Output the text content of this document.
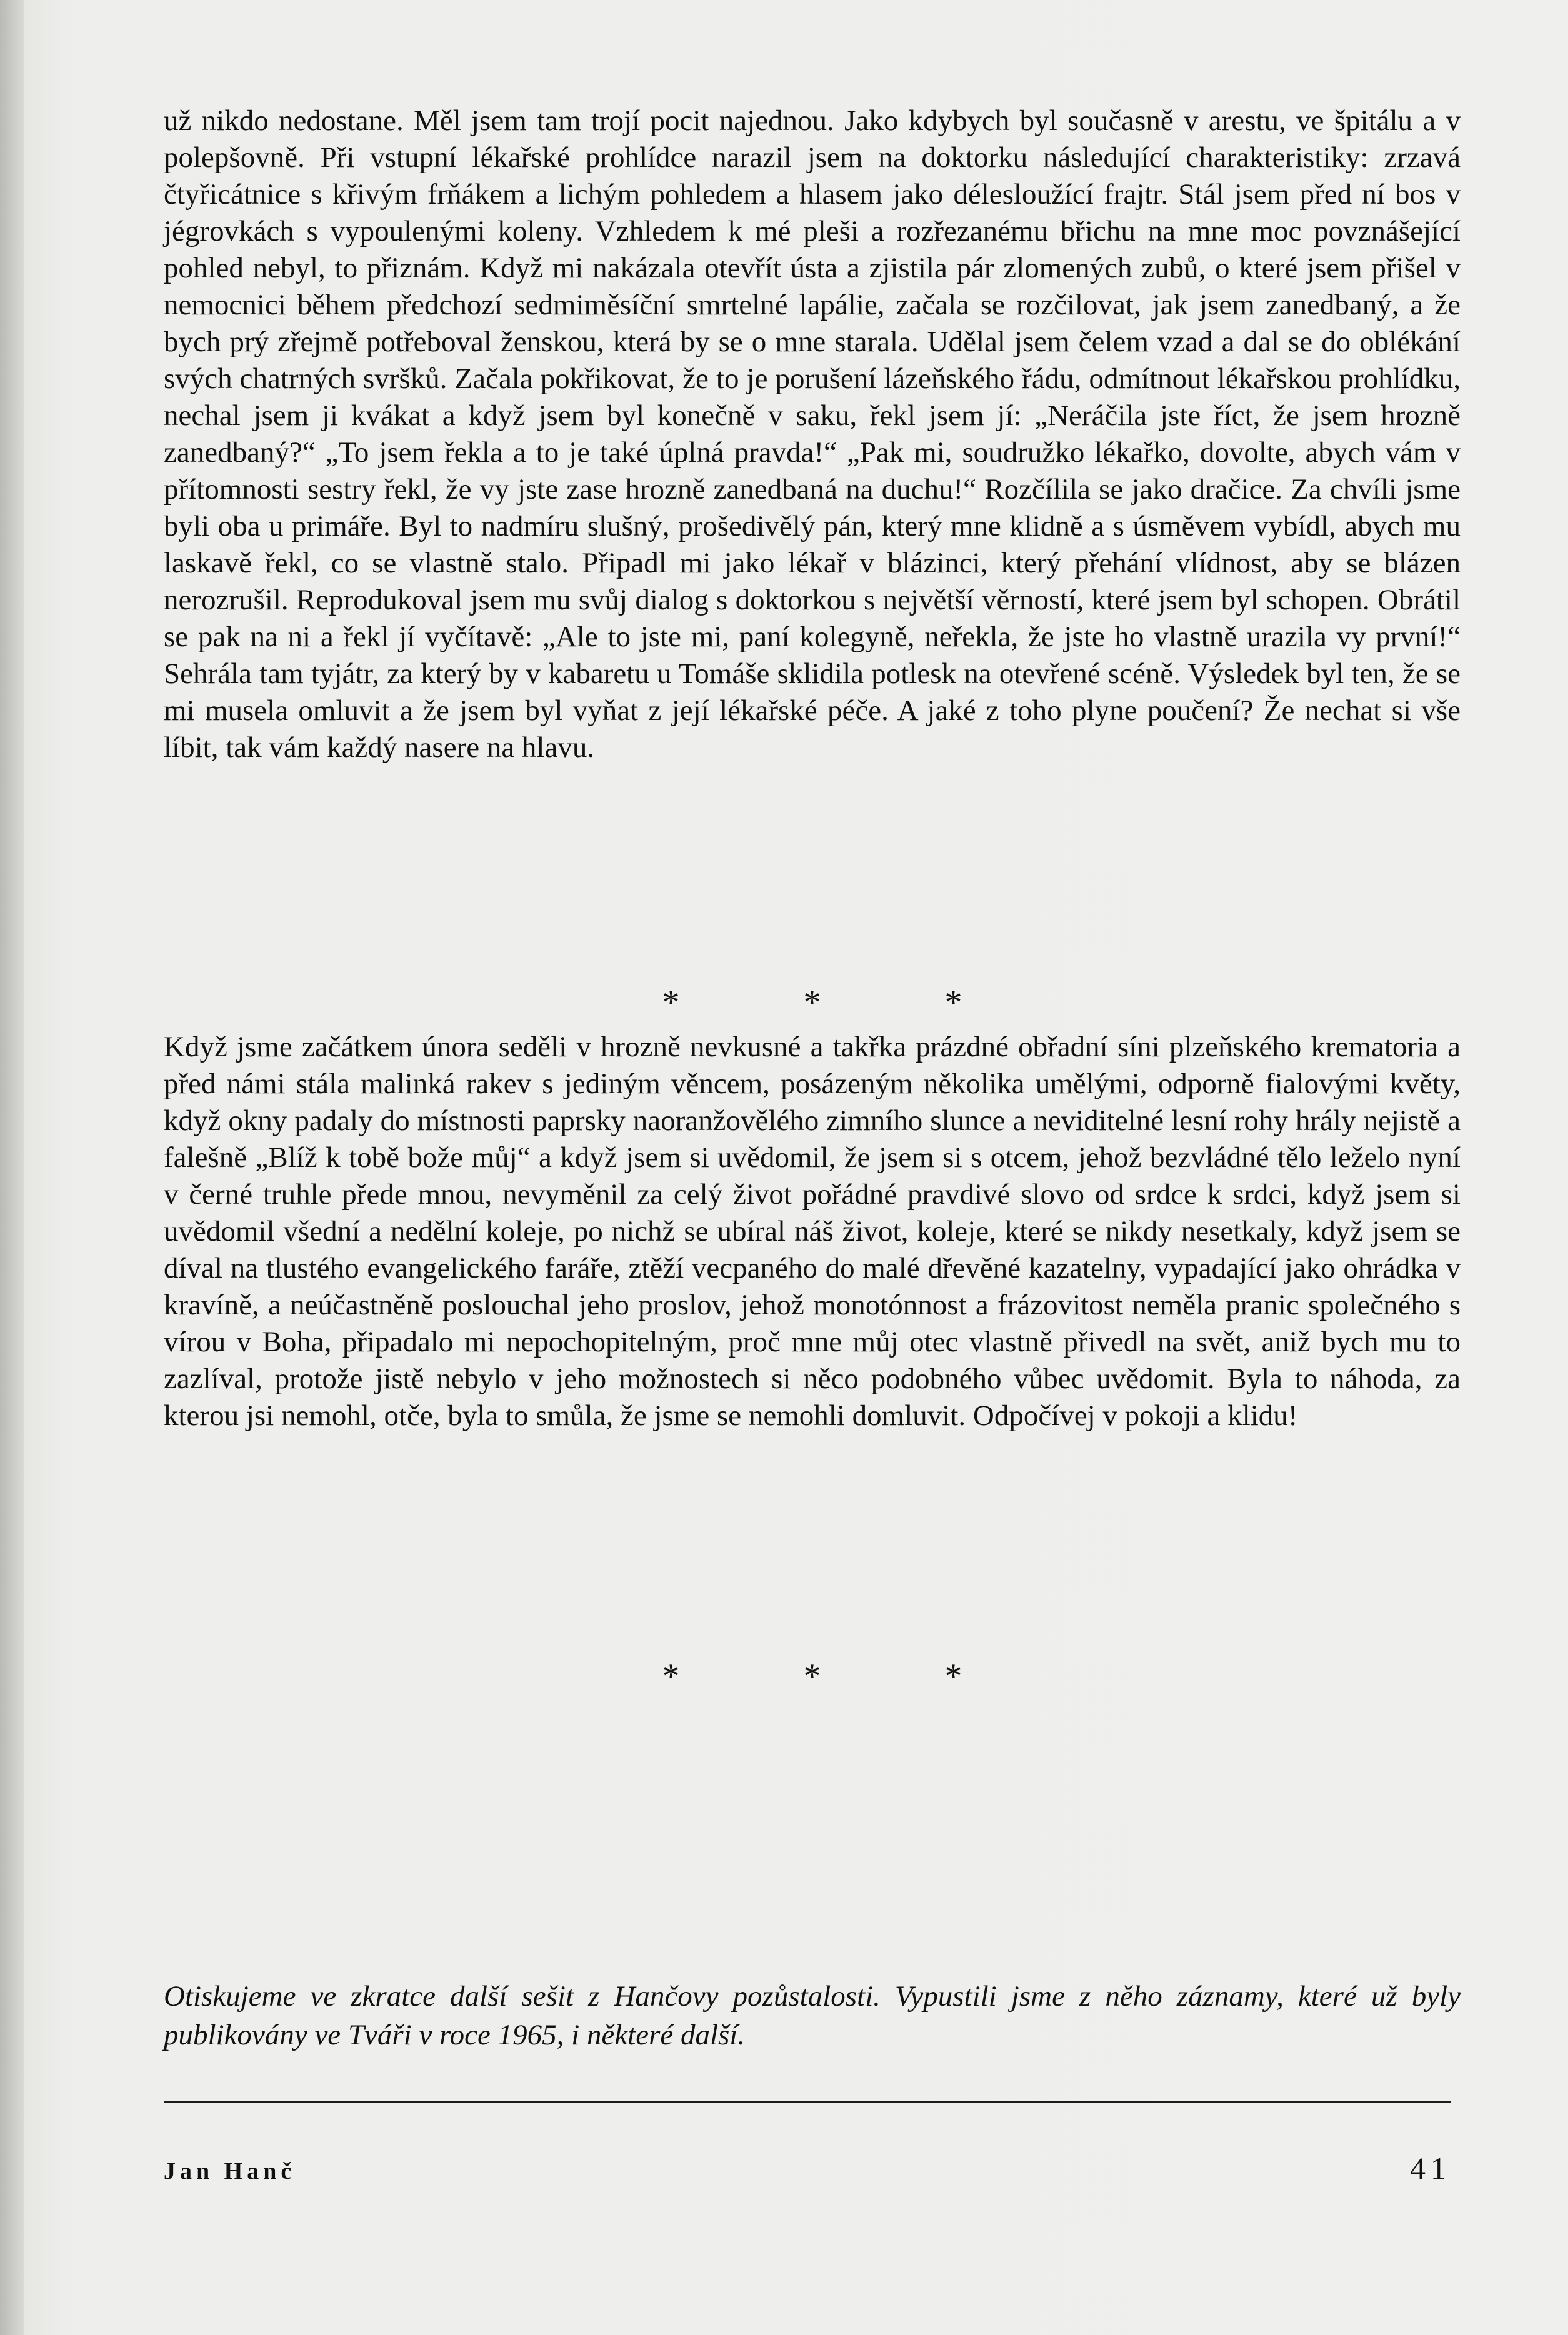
už nikdo nedostane. Měl jsem tam trojí pocit najednou. Jako kdybych byl současně v arestu, ve špitálu a v polepšovně. Při vstupní lékařské prohlídce narazil jsem na doktorku následující charakteristiky: zrzavá čtyřicátnice s křivým frňákem a lichým pohledem a hlasem jako délesloužící frajtr. Stál jsem před ní bos v jégrovkách s vypoulenými koleny. Vzhledem k mé pleši a rozřezanému břichu na mne moc povznášející pohled nebyl, to přiznám. Když mi nakázala otevřít ústa a zjistila pár zlomených zubů, o které jsem přišel v nemocnici během předchozí sedmiměsíční smrtelné lapálie, začala se rozčilovat, jak jsem zanedbaný, a že bych prý zřejmě potřeboval ženskou, která by se o mne starala. Udělal jsem čelem vzad a dal se do oblékání svých chatrných svršků. Začala pokřikovat, že to je porušení lázeňského řádu, odmítnout lékařskou prohlídku, nechal jsem ji kvákat a když jsem byl konečně v saku, řekl jsem jí: „Neráčila jste říct, že jsem hrozně zanedbaný?“ „To jsem řekla a to je také úplná pravda!“ „Pak mi, soudružko lékařko, dovolte, abych vám v přítomnosti sestry řekl, že vy jste zase hrozně zanedbaná na duchu!“ Rozčílila se jako dračice. Za chvíli jsme byli oba u primáře. Byl to nadmíru slušný, prošedivělý pán, který mne klidně a s úsměvem vybídl, abych mu laskavě řekl, co se vlastně stalo. Připadl mi jako lékař v blázinci, který přehání vlídnost, aby se blázen nerozrušil. Reprodukoval jsem mu svůj dialog s doktorkou s největší věrností, které jsem byl schopen. Obrátil se pak na ni a řekl jí vyčítavě: „Ale to jste mi, paní kolegyně, neřekla, že jste ho vlastně urazila vy první!“ Sehrála tam tyjátr, za který by v kabaretu u Tomáše sklidila potlesk na otevřené scéně. Výsledek byl ten, že se mi musela omluvit a že jsem byl vyňat z její lékařské péče. A jaké z toho plyne poučení? Že nechat si vše líbit, tak vám každý nasere na hlavu.

* * *

Když jsme začátkem února seděli v hrozně nevkusné a takřka prázdné obřadní síni plzeňského krematoria a před námi stála malinká rakev s jediným věncem, posázeným několika umělými, odporně fialovými květy, když okny padaly do místnosti paprsky naoranžovělého zimního slunce a neviditelné lesní rohy hrály nejistě a falešně „Blíž k tobě bože můj“ a když jsem si uvědomil, že jsem si s otcem, jehož bezvládné tělo leželo nyní v černé truhle přede mnou, nevyměnil za celý život pořádné pravdivé slovo od srdce k srdci, když jsem si uvědomil všední a nedělní koleje, po nichž se ubíral náš život, koleje, které se nikdy nesetkaly, když jsem se díval na tlustého evangelického faráře, ztěží vecpaného do malé dřevěné kazatelny, vypadající jako ohrádka v kravíně, a neúčastněně poslouchal jeho proslov, jehož monotónnost a frázovitost neměla pranic společného s vírou v Boha, připadalo mi nepochopitelným, proč mne můj otec vlastně přivedl na svět, aniž bych mu to zazlíval, protože jistě nebylo v jeho možnostech si něco podobného vůbec uvědomit. Byla to náhoda, za kterou jsi nemohl, otče, byla to smůla, že jsme se nemohli domluvit. Odpočívej v pokoji a klidu!

* * *

Otiskujeme ve zkratce další sešit z Hančovy pozůstalosti. Vypustili jsme z něho záznamy, které už byly publikovány ve Tváři v roce 1965, i některé další.

Jan Hanč	41
